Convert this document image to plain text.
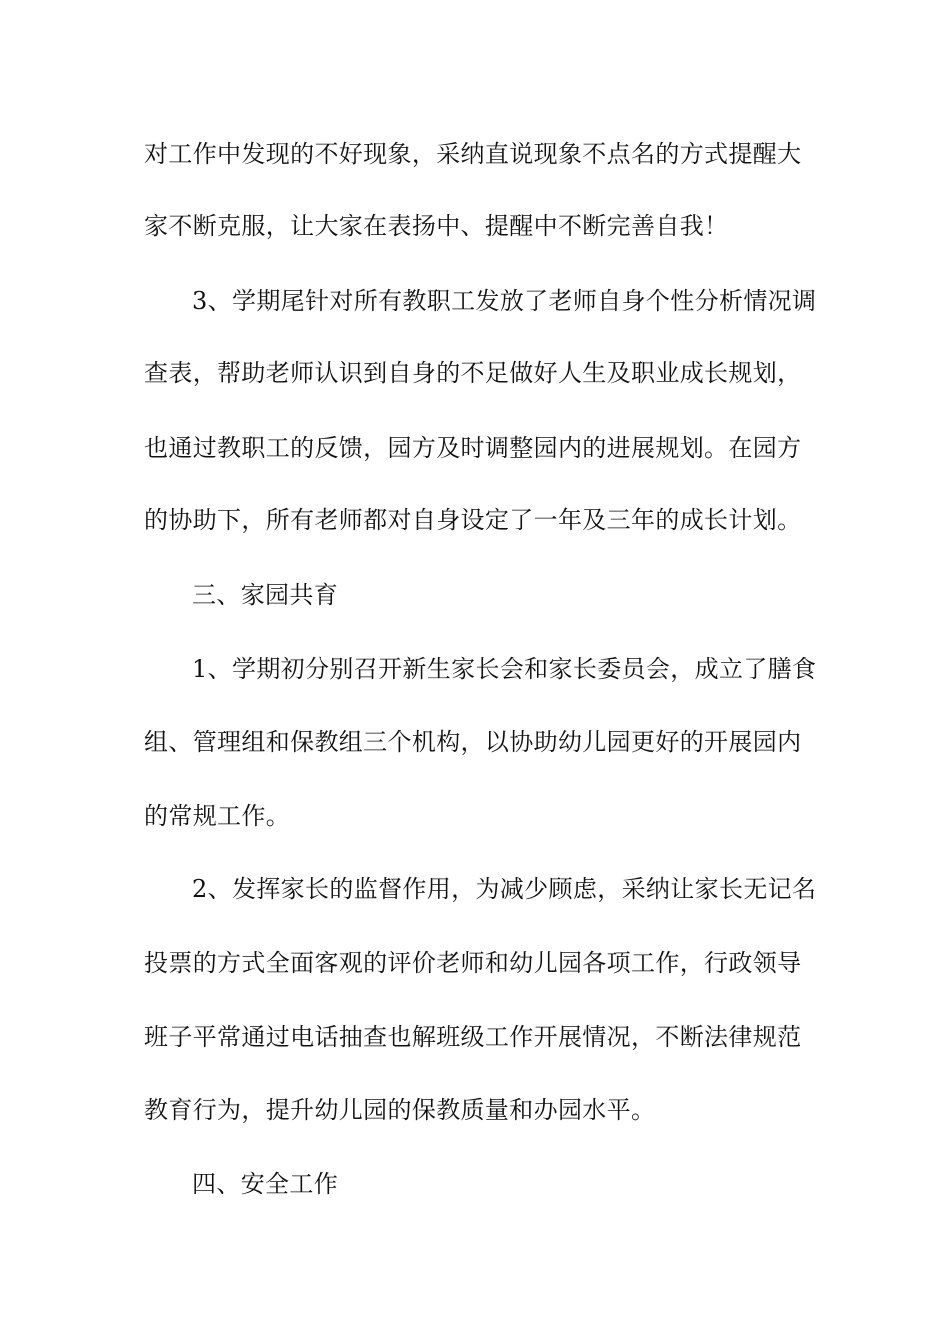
对工作中发现的不好现象，采纳直说现象不点名的方式提醒大
家不断克服，让大家在表扬中、提醒中不断完善自我！
3、学期尾针对所有教职工发放了老师自身个性分析情况调
查表，帮助老师认识到自身的不足做好人生及职业成长规划，
也通过教职工的反馈，园方及时调整园内的进展规划。在园方
的协助下，所有老师都对自身设定了一年及三年的成长计划。
三、家园共育
1、学期初分别召开新生家长会和家长委员会，成立了膳食
组、管理组和保教组三个机构，以协助幼儿园更好的开展园内
的常规工作。
2、发挥家长的监督作用，为减少顾虑，采纳让家长无记名
投票的方式全面客观的评价老师和幼儿园各项工作，行政领导
班子平常通过电话抽查也解班级工作开展情况，不断法律规范
教育行为，提升幼儿园的保教质量和办园水平。
四、安全工作
